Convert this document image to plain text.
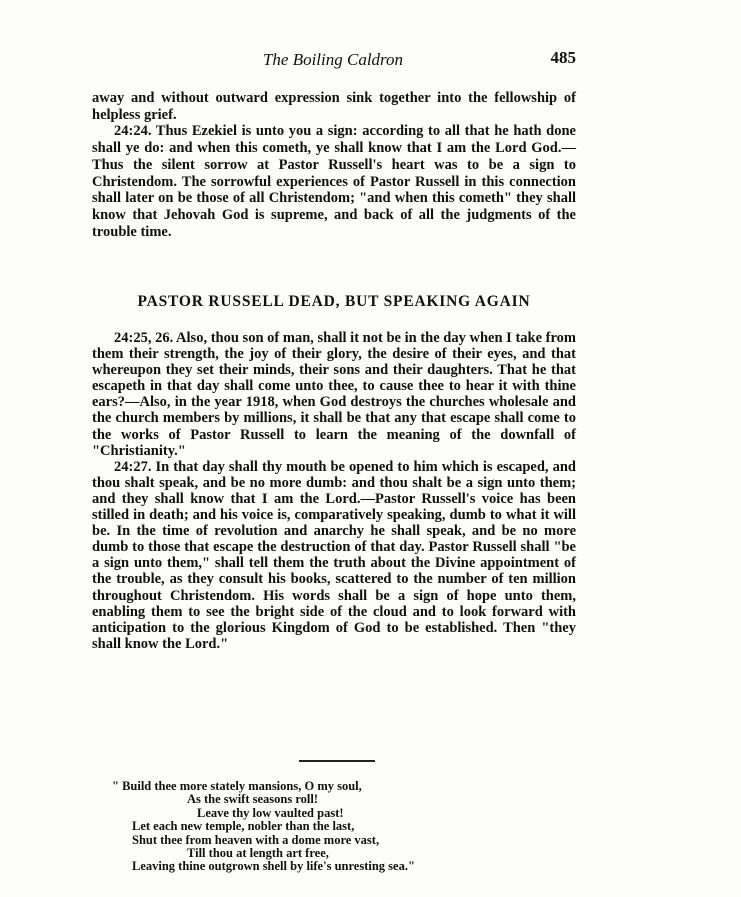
The Boiling Caldron	485

away and without outward expression sink together into the fellowship of helpless grief.

24:24. Thus Ezekiel is unto you a sign: according to all that he hath done shall ye do: and when this cometh, ye shall know that I am the Lord God.—Thus the silent sorrow at Pastor Russell's heart was to be a sign to Christendom. The sorrowful experiences of Pastor Russell in this connection shall later on be those of all Christendom; "and when this cometh" they shall know that Jehovah God is supreme, and back of all the judgments of the trouble time.

PASTOR RUSSELL DEAD, BUT SPEAKING AGAIN

24:25, 26. Also, thou son of man, shall it not be in the day when I take from them their strength, the joy of their glory, the desire of their eyes, and that whereupon they set their minds, their sons and their daughters. That he that escapeth in that day shall come unto thee, to cause thee to hear it with thine ears?—Also, in the year 1918, when God destroys the churches wholesale and the church members by millions, it shall be that any that escape shall come to the works of Pastor Russell to learn the meaning of the downfall of "Christianity."

24:27. In that day shall thy mouth be opened to him which is escaped, and thou shalt speak, and be no more dumb: and thou shalt be a sign unto them; and they shall know that I am the Lord.—Pastor Russell's voice has been stilled in death; and his voice is, comparatively speaking, dumb to what it will be. In the time of revolution and anarchy he shall speak, and be no more dumb to those that escape the destruction of that day. Pastor Russell shall "be a sign unto them," shall tell them the truth about the Divine appointment of the trouble, as they consult his books, scattered to the number of ten million throughout Christendom. His words shall be a sign of hope unto them, enabling them to see the bright side of the cloud and to look forward with anticipation to the glorious Kingdom of God to be established. Then "they shall know the Lord."

" Build thee more stately mansions, O my soul,
As the swift seasons roll!
Leave thy low vaulted past!
Let each new temple, nobler than the last,
Shut thee from heaven with a dome more vast,
Till thou at length art free,
Leaving thine outgrown shell by life's unresting sea."
